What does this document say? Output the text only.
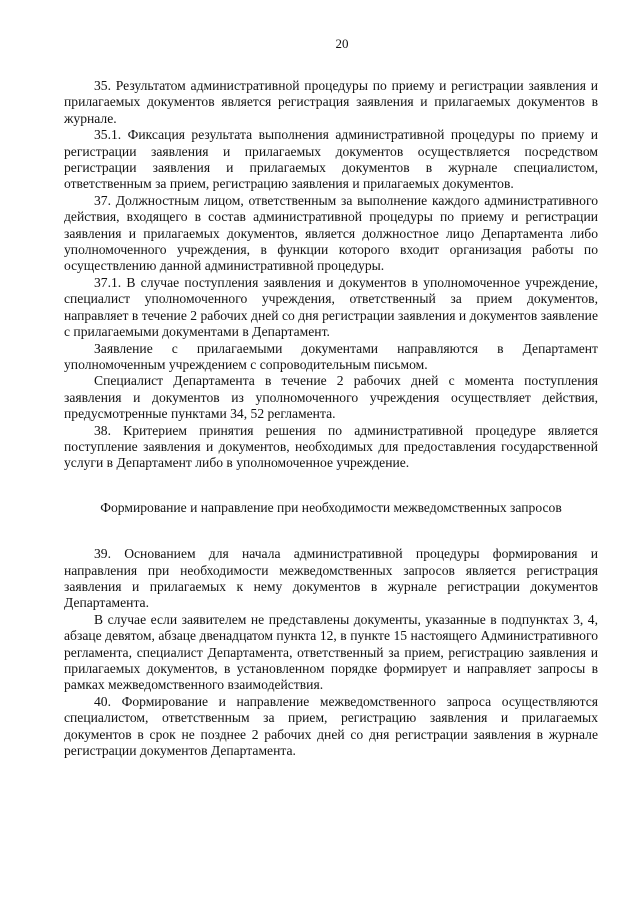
20

35. Результатом административной процедуры по приему и регистрации заявления и прилагаемых документов является регистрация заявления и прилагаемых документов в журнале.

35.1. Фиксация результата выполнения административной процедуры по приему и регистрации заявления и прилагаемых документов осуществляется посредством регистрации заявления и прилагаемых документов в журнале специалистом, ответственным за прием, регистрацию заявления и прилагаемых документов.

37. Должностным лицом, ответственным за выполнение каждого административного действия, входящего в состав административной процедуры по приему и регистрации заявления и прилагаемых документов, является должностное лицо Департамента либо уполномоченного учреждения, в функции которого входит организация работы по осуществлению данной административной процедуры.

37.1. В случае поступления заявления и документов в уполномоченное учреждение, специалист уполномоченного учреждения, ответственный за прием документов, направляет в течение 2 рабочих дней со дня регистрации заявления и документов заявление с прилагаемыми документами в Департамент.

Заявление с прилагаемыми документами направляются в Департамент уполномоченным учреждением с сопроводительным письмом.

Специалист Департамента в течение 2 рабочих дней с момента поступления заявления и документов из уполномоченного учреждения осуществляет действия, предусмотренные пунктами 34, 52 регламента.

38. Критерием принятия решения по административной процедуре является поступление заявления и документов, необходимых для предоставления государственной услуги в Департамент либо в уполномоченное учреждение.

Формирование и направление при необходимости межведомственных запросов

39. Основанием для начала административной процедуры формирования и направления при необходимости межведомственных запросов является регистрация заявления и прилагаемых к нему документов в журнале регистрации документов Департамента.

В случае если заявителем не представлены документы, указанные в подпунктах 3, 4, абзаце девятом, абзаце двенадцатом пункта 12, в пункте 15 настоящего Административного регламента, специалист Департамента, ответственный за прием, регистрацию заявления и прилагаемых документов, в установленном порядке формирует и направляет запросы в рамках межведомственного взаимодействия.

40. Формирование и направление межведомственного запроса осуществляются специалистом, ответственным за прием, регистрацию заявления и прилагаемых документов в срок не позднее 2 рабочих дней со дня регистрации заявления в журнале регистрации документов Департамента.
